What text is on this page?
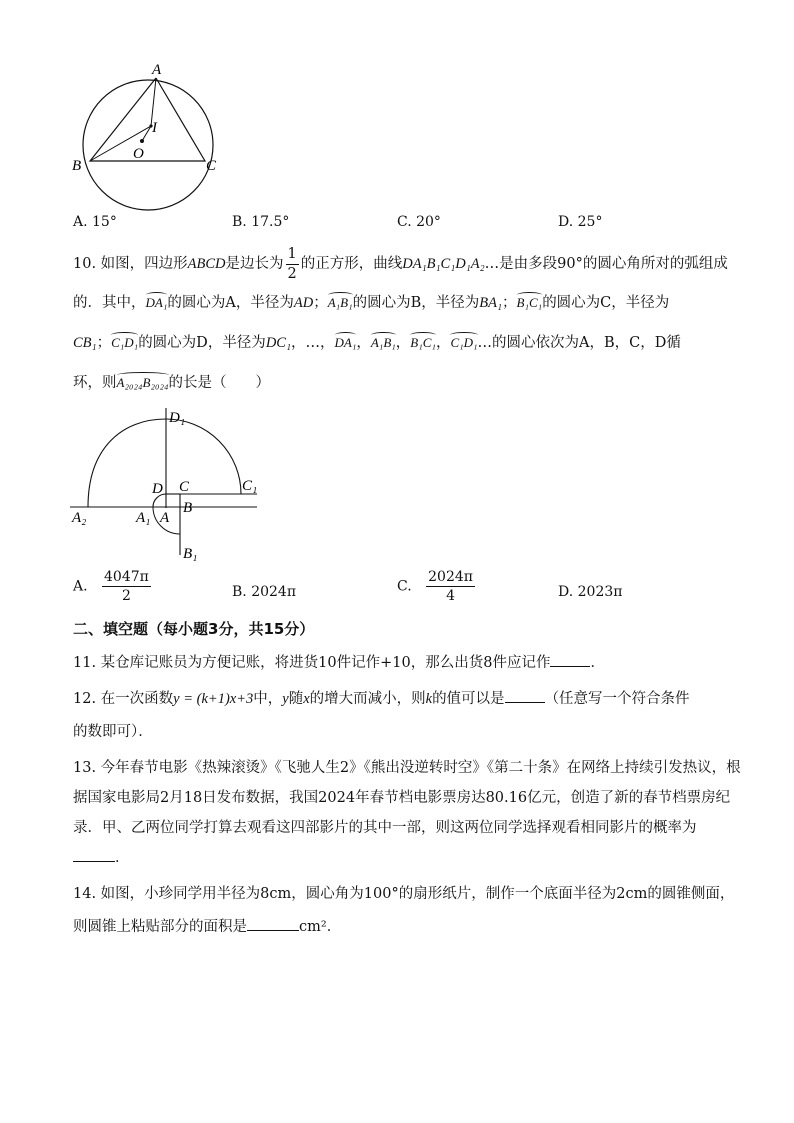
A
I
O
B	C
A. 15°	B. 17.5°	C. 20°	D. 25°
10. 如图，四边形ABCD是边长为 $\frac{1}{2}$ 的正方形，曲线DA₁B₁C₁D₁A₂…是由多段90°的圆心角所对的弧组成
的．其中，DA₁的圆心为A，半径为AD；A₁B₁的圆心为B，半径为BA₁；B₁C₁的圆心为C，半径为
CB₁；C₁D₁的圆心为D，半径为DC₁，…，DA₁，A₁B₁，B₁C₁，C₁D₁…的圆心依次为A，B，C，D循
环，则A₂₀₂₄B₂₀₂₄的长是（　　）
D₁
C₁
D C
B
A₂	A₁ A
B₁
A. $\frac{4047\pi}{2}$	B. 2024π	C. $\frac{2024\pi}{4}$	D. 2023π
二、填空题（每小题3分，共15分）
11. 某仓库记账员为方便记账，将进货10件记作+10，那么出货8件应记作	．
12. 在一次函数y = (k+1)x+3中，y随x的增大而减小，则k的值可以是	（任意写一个符合条件
的数即可）．
13. 今年春节电影《热辣滚烫》《飞驰人生2》《熊出没逆转时空》《第二十条》在网络上持续引发热议，根
据国家电影局2月18日发布数据，我国2024年春节档电影票房达80.16亿元，创造了新的春节档票房纪
录．甲、乙两位同学打算去观看这四部影片的其中一部，则这两位同学选择观看相同影片的概率为
．
14. 如图，小珍同学用半径为8cm，圆心角为100°的扇形纸片，制作一个底面半径为2cm的圆锥侧面，
则圆锥上粘贴部分的面积是	cm²．
